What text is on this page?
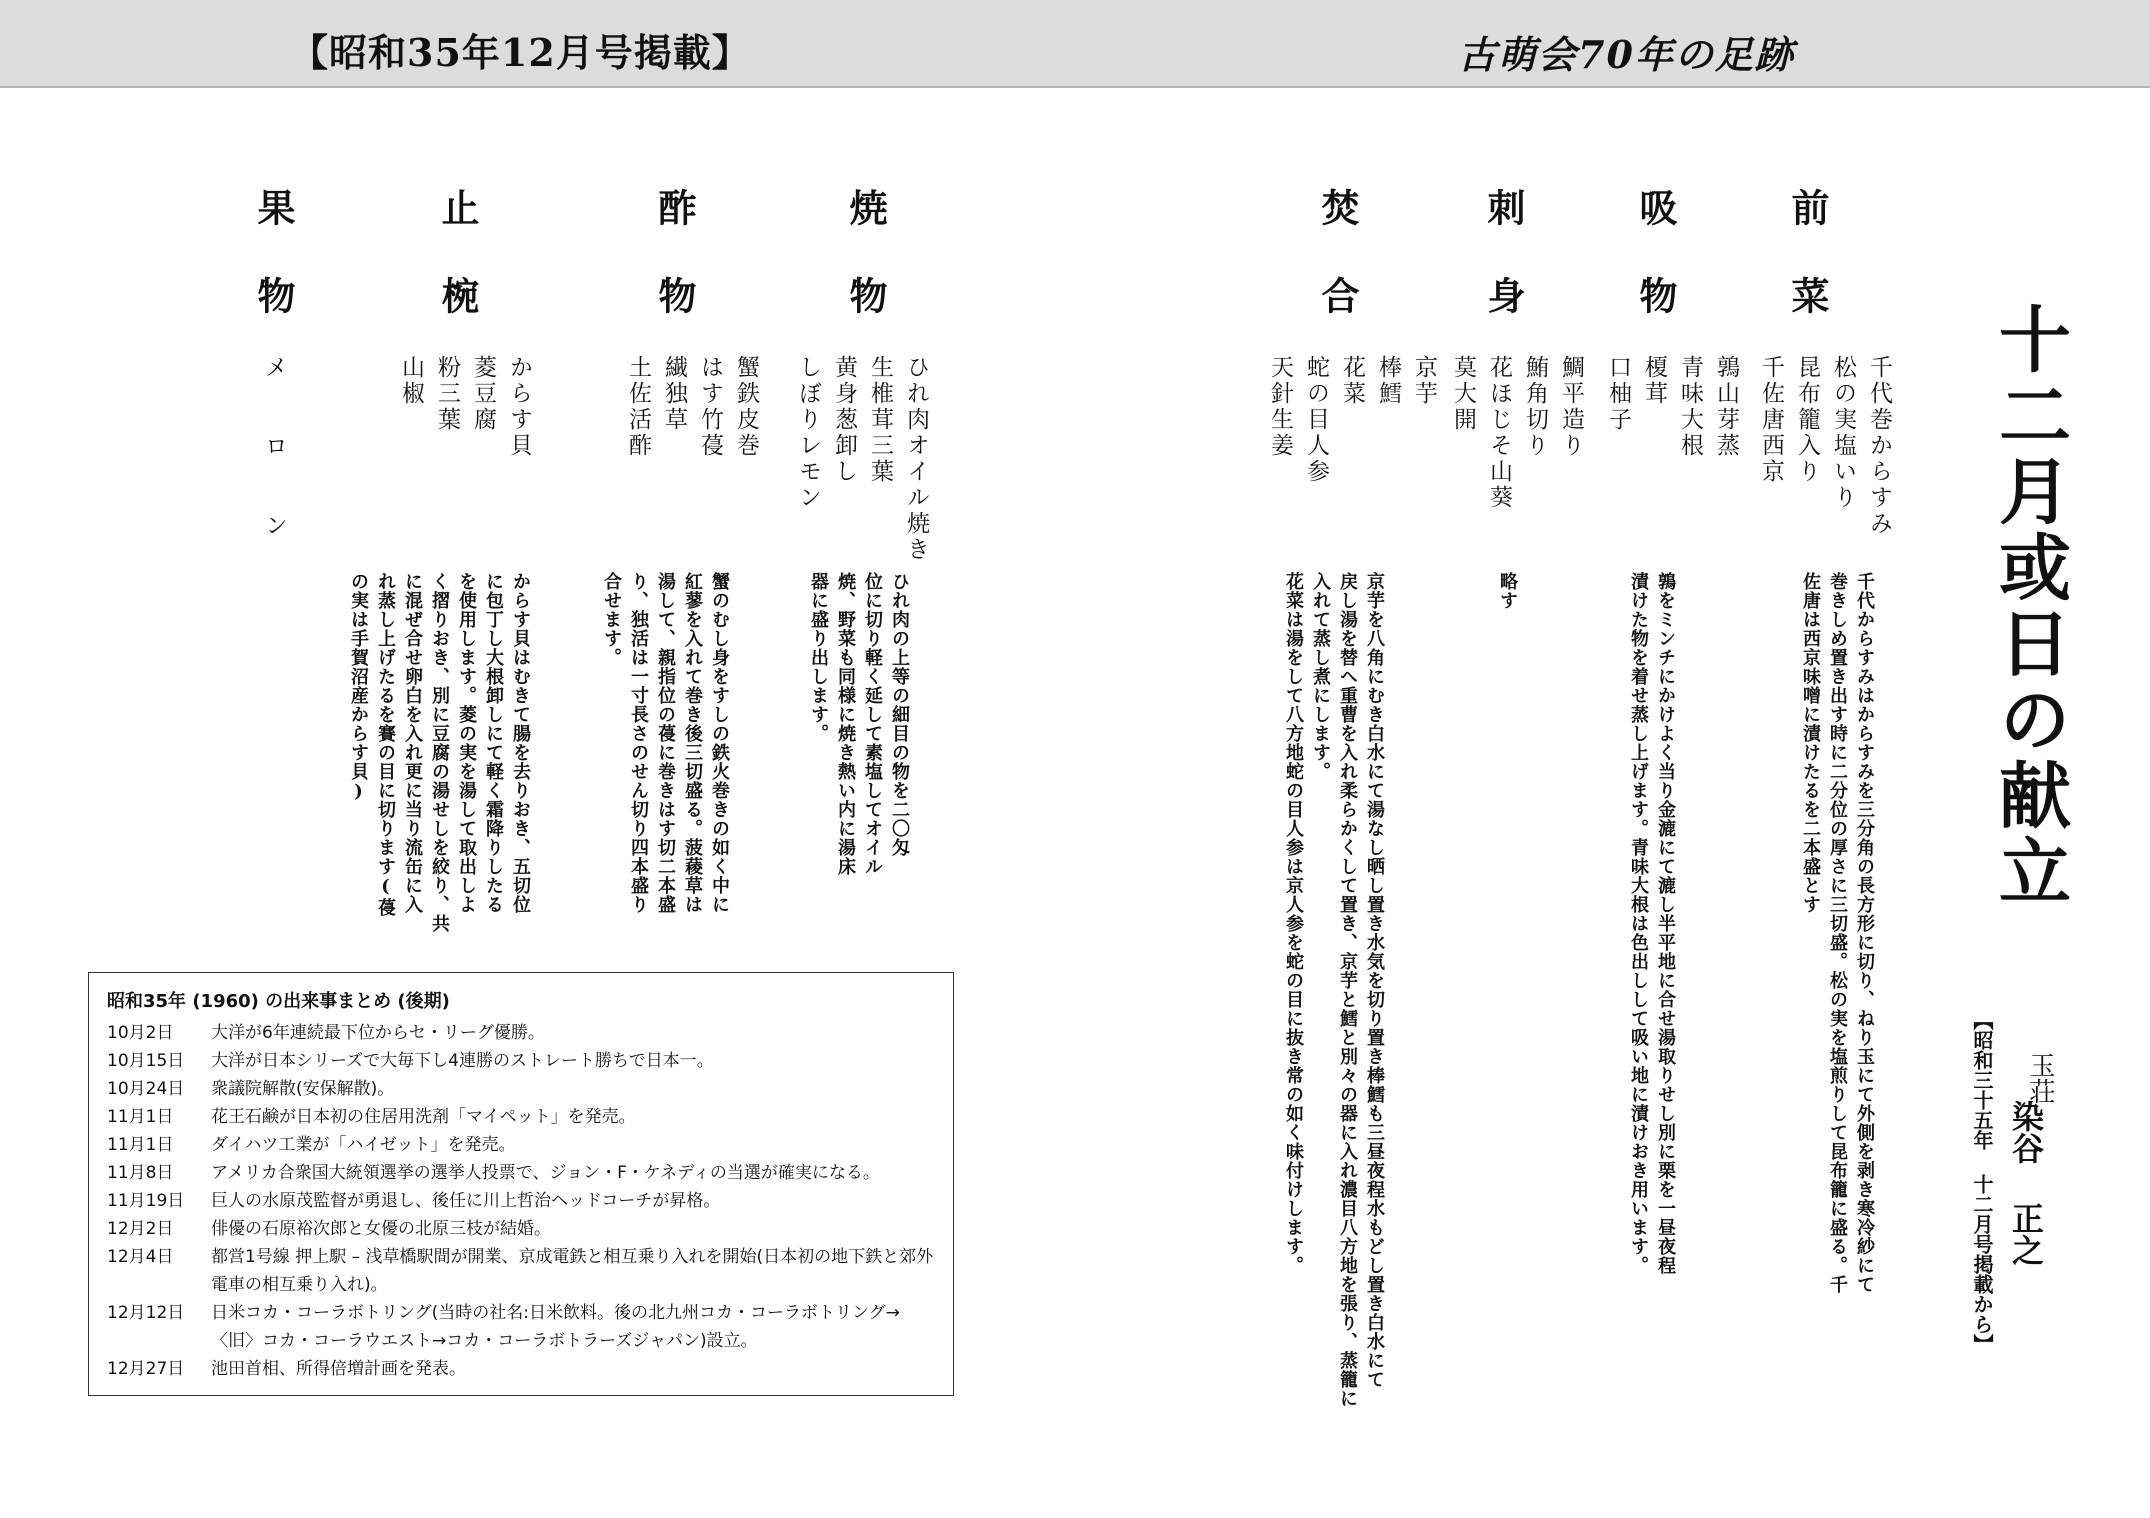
【昭和35年12月号掲載】	古萌会70年の足跡
十二月或日の献立
【昭和三十五年 十二月号掲載から】 玉荘
染谷 正之
前菜
千代巻からすみ
松の実塩いり
昆布籠入り
千佐唐西京
千代からすみはからすみを三分角の長方形に切り、ねり玉にて外側を剥き寒冷紗にて
巻きしめ置き出す時に二分位の厚さに三切盛。松の実を塩煎りして昆布籠に盛る。千
佐唐は西京味噌に漬けたるを二本盛とす
吸物
鶉山芽蒸
青味大根
榎茸
口柚子
鶉をミンチにかけよく当り金漉にて漉し半平地に合せ湯取りせし別に栗を一昼夜程
漬けた物を着せ蒸し上げます。青味大根は色出しして吸い地に漬けおき用います。
刺身
鯛平造り
鮪角切り
花ほじそ山葵
莫大開
略す
焚合
京芋
棒鱈
花菜
蛇の目人参
天針生姜
京芋を八角にむき白水にて湯なし晒し置き水気を切り置き棒鱈も三昼夜程水もどし置き白水にて
戻し湯を替へ重曹を入れ柔らかくして置き、京芋と鱈と別々の器に入れ濃目八方地を張り、蒸籠に
入れて蒸し煮にします。
花菜は湯をして八方地蛇の目人参は京人参を蛇の目に抜き常の如く味付けします。
焼物
ひれ肉オイル焼き
生椎茸三葉
黄身葱卸し
しぼりレモン
ひれ肉の上等の細目の物を二〇匁
位に切り軽く延して素塩してオイル
焼、野菜も同様に焼き熱い内に湯床
器に盛り出します。
酢物
蟹鉄皮巻
はす竹葠
繊独草
土佐活酢
蟹のむし身をすしの鉄火巻きの如く中に
紅蓼を入れて巻き後三切盛る。菠薐草は
湯して、親指位の葠に巻きはす切二本盛
り、独活は一寸長さのせん切り四本盛り
合せます。
止椀
からす貝
菱豆腐
粉三葉
山椒
からす貝はむきて腸を去りおき、五切位
に包丁し大根卸しにて軽く霜降りしたる
を使用します。菱の実を湯して取出しよ
く摺りおき、別に豆腐の湯せしを絞り、共
に混ぜ合せ卵白を入れ更に当り流缶に入
れ蒸し上げたるを賽の目に切ります(葠
の実は手賀沼産からす貝)
果物
メロン
昭和35年 (1960) の出来事まとめ (後期)
10月2日	大洋が6年連続最下位からセ・リーグ優勝。
10月15日	大洋が日本シリーズで大毎下し4連勝のストレート勝ちで日本一。
10月24日	衆議院解散(安保解散)。
11月1日	花王石鹸が日本初の住居用洗剤「マイペット」を発売。
11月1日	ダイハツ工業が「ハイゼット」を発売。
11月8日	アメリカ合衆国大統領選挙の選挙人投票で、ジョン・F・ケネディの当選が確実になる。
11月19日	巨人の水原茂監督が勇退し、後任に川上哲治ヘッドコーチが昇格。
12月2日	俳優の石原裕次郎と女優の北原三枝が結婚。
12月4日	都営1号線 押上駅 – 浅草橋駅間が開業、京成電鉄と相互乗り入れを開始(日本初の地下鉄と郊外電車の相互乗り入れ)。
12月12日	日米コカ・コーラボトリング(当時の社名:日米飲料。後の北九州コカ・コーラボトリング→〈旧〉コカ・コーラウエスト→コカ・コーラボトラーズジャパン)設立。
12月27日	池田首相、所得倍増計画を発表。
